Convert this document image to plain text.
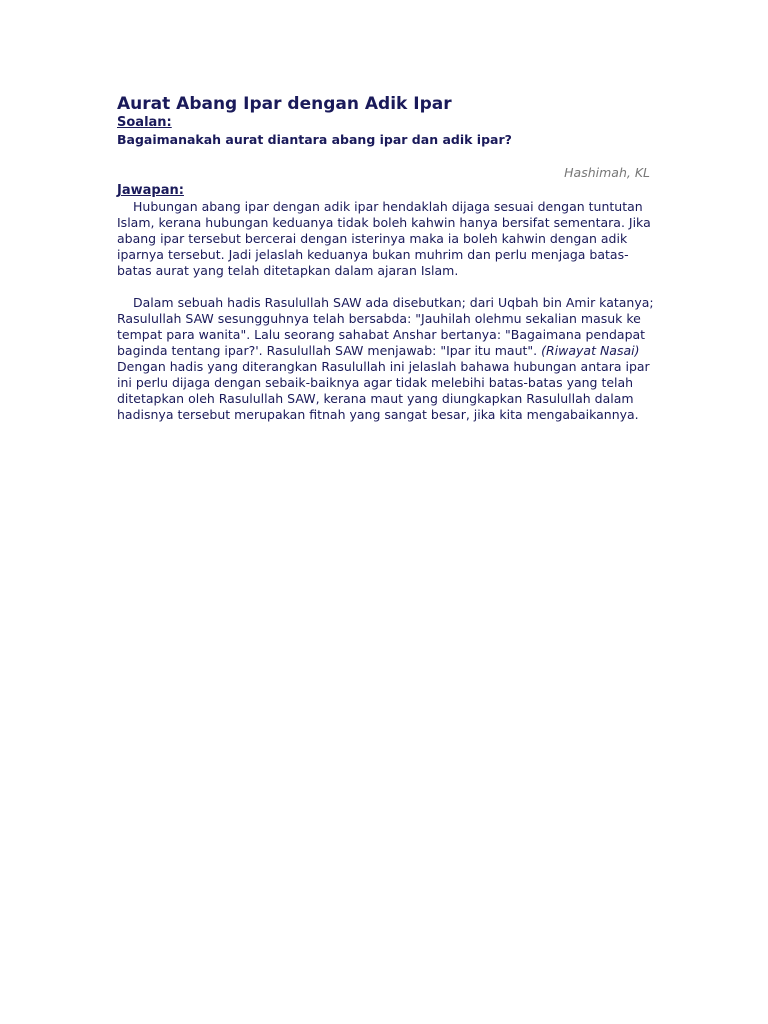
Aurat Abang Ipar dengan Adik Ipar
Soalan:
Bagaimanakah aurat diantara abang ipar dan adik ipar?
Hashimah, KL
Jawapan:

Hubungan abang ipar dengan adik ipar hendaklah dijaga sesuai dengan tuntutan Islam, kerana hubungan keduanya tidak boleh kahwin hanya bersifat sementara. Jika abang ipar tersebut bercerai dengan isterinya maka ia boleh kahwin dengan adik iparnya tersebut. Jadi jelaslah keduanya bukan muhrim dan perlu menjaga batas-batas aurat yang telah ditetapkan dalam ajaran Islam.

Dalam sebuah hadis Rasulullah SAW ada disebutkan; dari Uqbah bin Amir katanya; Rasulullah SAW sesungguhnya telah bersabda: "Jauhilah olehmu sekalian masuk ke tempat para wanita". Lalu seorang sahabat Anshar bertanya: "Bagaimana pendapat baginda tentang ipar?'. Rasulullah SAW menjawab: "Ipar itu maut". (Riwayat Nasai)

Dengan hadis yang diterangkan Rasulullah ini jelaslah bahawa hubungan antara ipar ini perlu dijaga dengan sebaik-baiknya agar tidak melebihi batas-batas yang telah ditetapkan oleh Rasulullah SAW, kerana maut yang diungkapkan Rasulullah dalam hadisnya tersebut merupakan fitnah yang sangat besar, jika kita mengabaikannya.
